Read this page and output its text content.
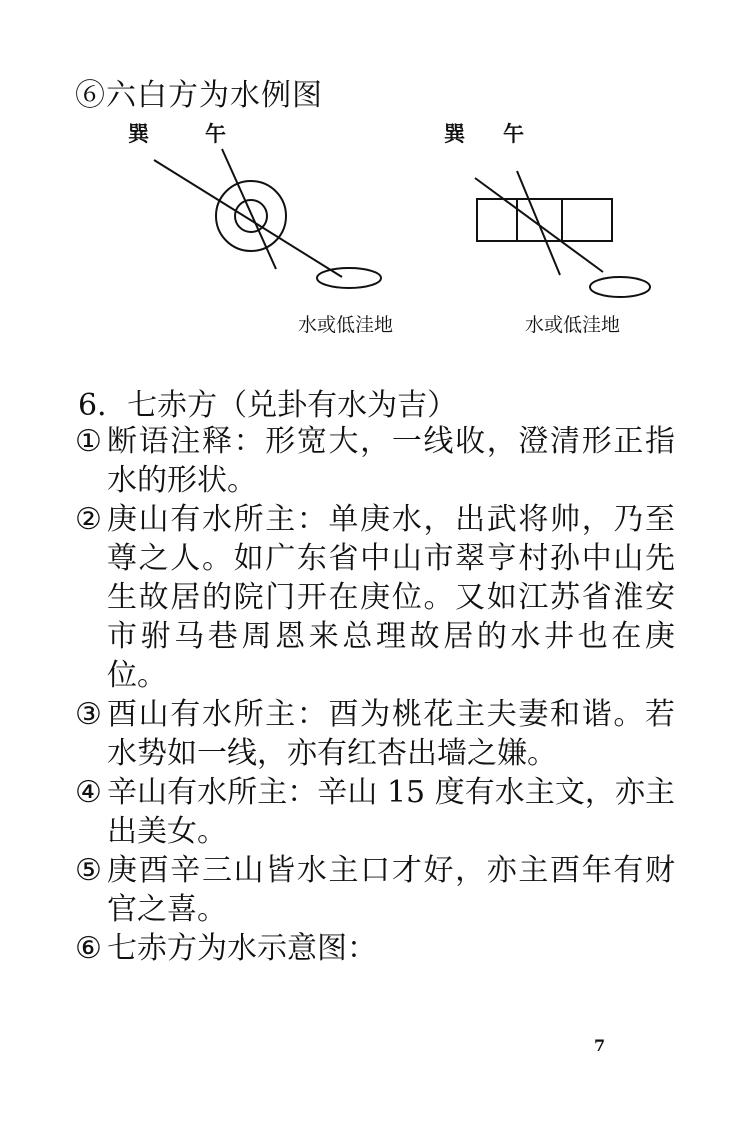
⑥六白方为水例图
巽	午
水或低洼地
巽 午
水或低洼地
6．七赤方（兑卦有水为吉）
① 断语注释：形宽大，一线收，澄清形正指水的形状。
② 庚山有水所主：单庚水，出武将帅，乃至尊之人。如广东省中山市翠亨村孙中山先生故居的院门开在庚位。又如江苏省淮安市驸马巷周恩来总理故居的水井也在庚位。
③ 酉山有水所主：酉为桃花主夫妻和谐。若水势如一线，亦有红杏出墙之嫌。
④ 辛山有水所主：辛山 15 度有水主文，亦主出美女。
⑤ 庚酉辛三山皆水主口才好，亦主酉年有财官之喜。
⑥ 七赤方为水示意图：
7
